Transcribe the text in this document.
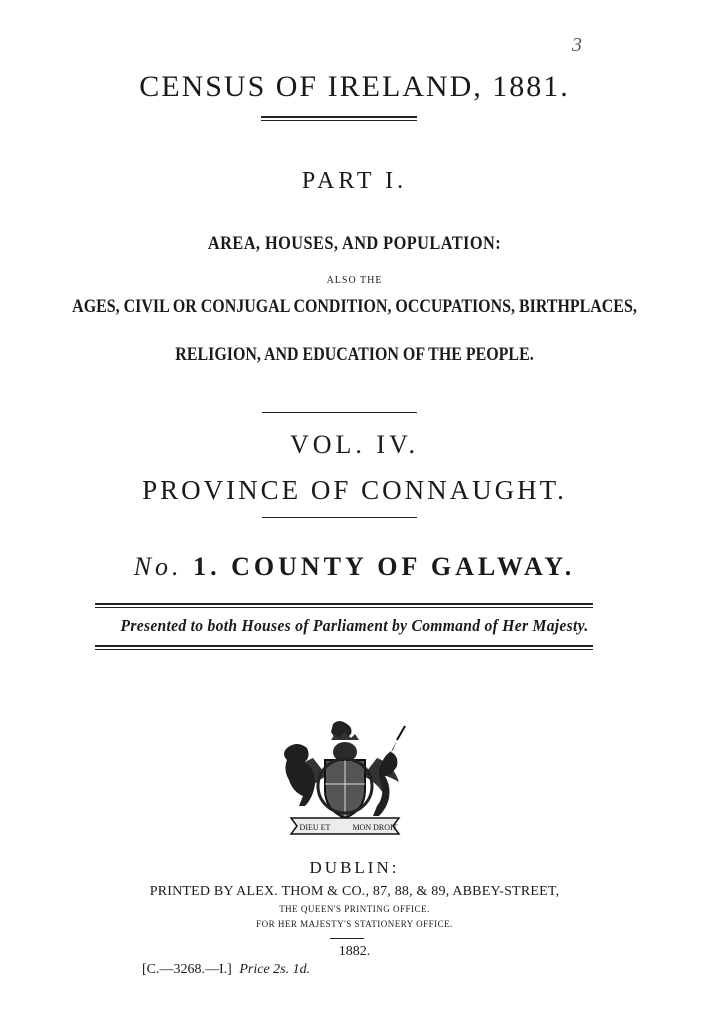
3
CENSUS OF IRELAND, 1881.
PART I.
AREA, HOUSES, AND POPULATION:
ALSO THE
AGES, CIVIL OR CONJUGAL CONDITION, OCCUPATIONS, BIRTHPLACES,
RELIGION, AND EDUCATION OF THE PEOPLE.
VOL. IV.
PROVINCE OF CONNAUGHT.
No. 1. COUNTY OF GALWAY.
Presented to both Houses of Parliament by Command of Her Majesty.
DIEU ET	MON DROIT
DUBLIN:
PRINTED BY ALEX. THOM & CO., 87, 88, & 89, ABBEY-STREET,
THE QUEEN'S PRINTING OFFICE.
FOR HER MAJESTY'S STATIONERY OFFICE.
1882.
[C.—3268.—I.] Price 2s. 1d.
